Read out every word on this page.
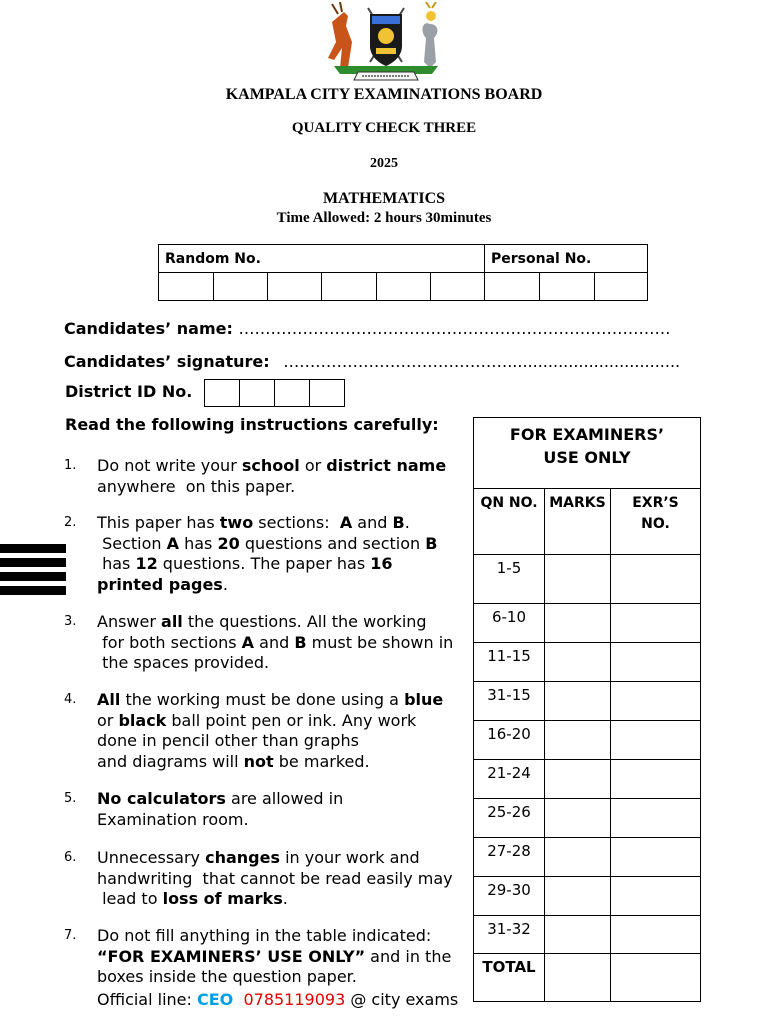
KAMPALA CITY EXAMINATIONS BOARD
QUALITY CHECK THREE
2025
MATHEMATICS
Time Allowed: 2 hours 30minutes
Random No.						Personal No.		

Candidates’ name: ………………………………………………………………………
Candidates’ signature: ……………………………………..................................
District ID No.

Read the following instructions carefully:
1. Do not write your school or district name
anywhere  on this paper.
2. This paper has two sections:  A and B.
Section A has 20 questions and section B
has 12 questions. The paper has 16
printed pages.
3. Answer all the questions. All the working
for both sections A and B must be shown in
the spaces provided.
4. All the working must be done using a blue
or black ball point pen or ink. Any work
done in pencil other than graphs
and diagrams will not be marked.
5. No calculators are allowed in
Examination room.
6. Unnecessary changes in your work and
handwriting  that cannot be read easily may
lead to loss of marks.
7. Do not fill anything in the table indicated:
“FOR EXAMINERS’ USE ONLY” and in the
boxes inside the question paper.
FOR EXAMINERS’
USE ONLY		
QN NO.	MARKS	EXR’S
NO.
1-5		
6-10		
11-15		
31-15		
16-20		
21-24		
25-26		
27-28		
29-30		
31-32		
TOTAL		
Official line: CEO 0785119093 @ city exams
